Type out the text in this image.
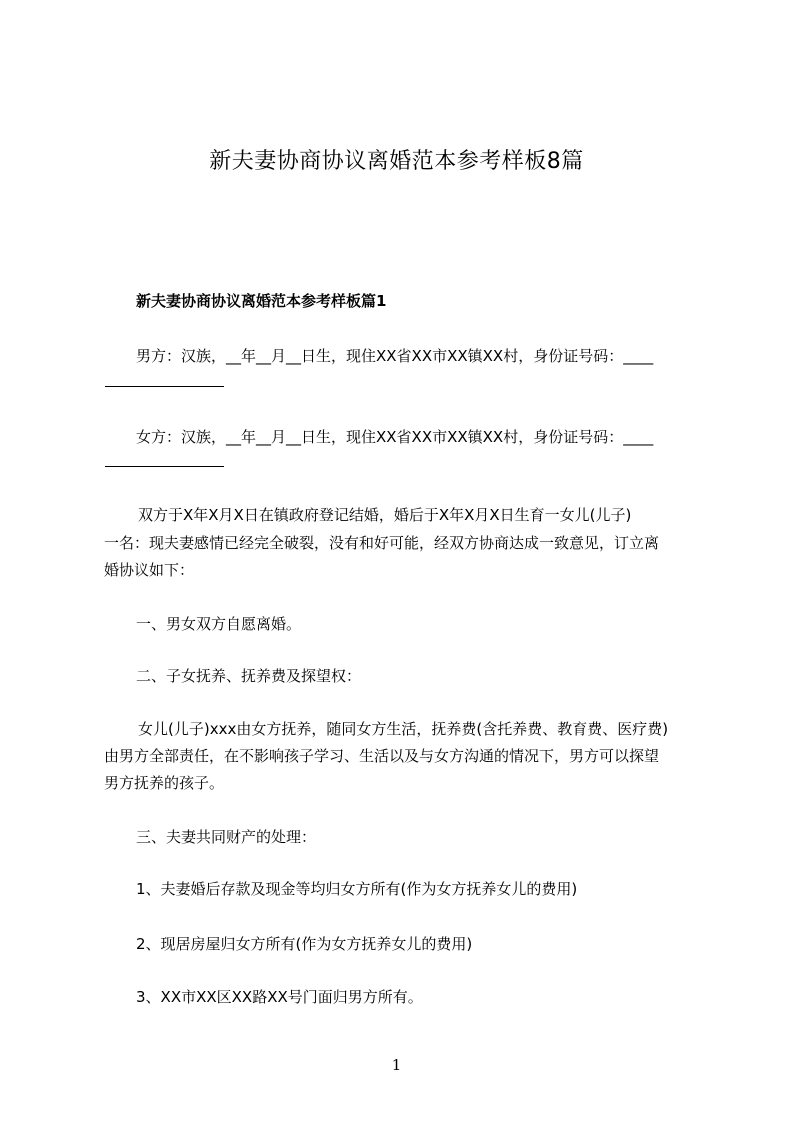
新夫妻协商协议离婚范本参考样板8篇
新夫妻协商协议离婚范本参考样板篇1
男方：汉族，__年__月__日生，现住XX省XX市XX镇XX村，身份证号码：____
女方：汉族，__年__月__日生，现住XX省XX市XX镇XX村，身份证号码：____
双方于X年X月X日在镇政府登记结婚，婚后于X年X月X日生育一女儿(儿子)
一名：现夫妻感情已经完全破裂，没有和好可能，经双方协商达成一致意见，订立离
婚协议如下：
一、男女双方自愿离婚。
二、子女抚养、抚养费及探望权：
女儿(儿子)xxx由女方抚养，随同女方生活，抚养费(含托养费、教育费、医疗费)
由男方全部责任，在不影响孩子学习、生活以及与女方沟通的情况下，男方可以探望
男方抚养的孩子。
三、夫妻共同财产的处理：
1、夫妻婚后存款及现金等均归女方所有(作为女方抚养女儿的费用)
2、现居房屋归女方所有(作为女方抚养女儿的费用)
3、XX市XX区XX路XX号门面归男方所有。
1
